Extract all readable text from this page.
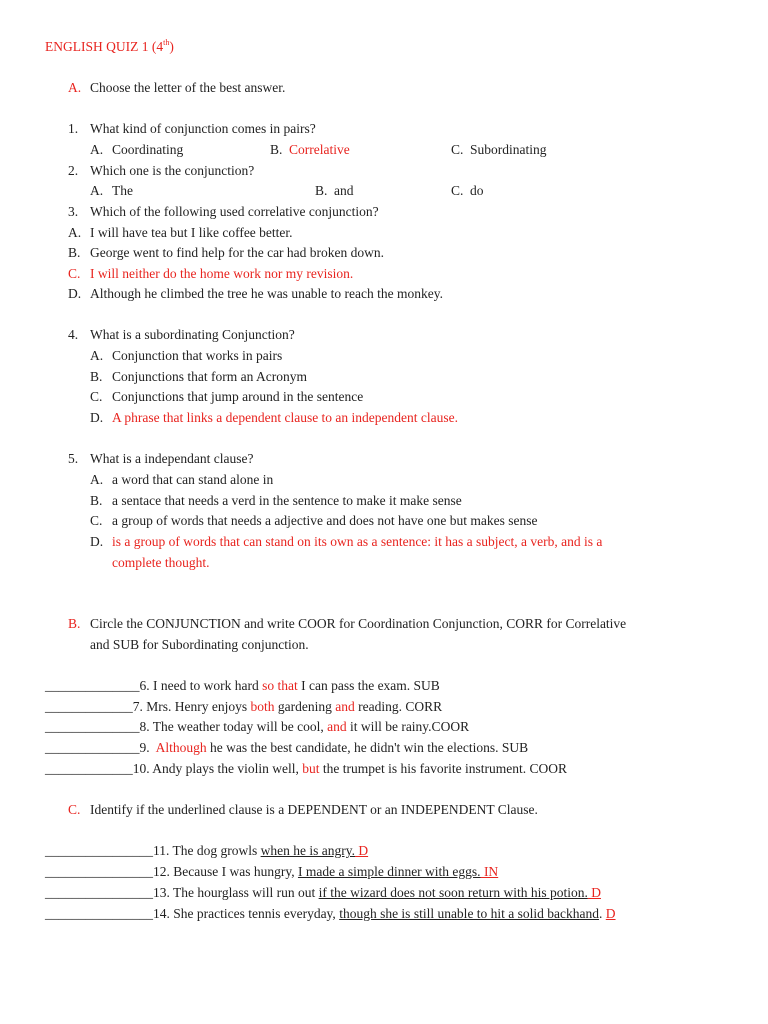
ENGLISH QUIZ 1 (4th)
A. Choose the letter of the best answer.
1. What kind of conjunction comes in pairs?
A. Coordinating	B. Correlative	C. Subordinating
2. Which one is the conjunction?
A. The	B. and	C. do
3. Which of the following used correlative conjunction?
A. I will have tea but I like coffee better.
B. George went to find help for the car had broken down.
C. I will neither do the home work nor my revision.
D. Although he climbed the tree he was unable to reach the monkey.
4. What is a subordinating Conjunction?
A. Conjunction that works in pairs
B. Conjunctions that form an Acronym
C. Conjunctions that jump around in the sentence
D. A phrase that links a dependent clause to an independent clause.
5. What is a independant clause?
A. a word that can stand alone in
B. a sentace that needs a verd in the sentence to make it make sense
C. a group of words that needs a adjective and does not have one but makes sense
D. is a group of words that can stand on its own as a sentence: it has a subject, a verb, and is a
complete thought.
B. Circle the CONJUNCTION and write COOR for Coordination Conjunction, CORR for Correlative
and SUB for Subordinating conjunction.
______________6. I need to work hard so that I can pass the exam. SUB
_____________7. Mrs. Henry enjoys both gardening and reading. CORR
______________8. The weather today will be cool, and it will be rainy.COOR
______________9.  Although he was the best candidate, he didn't win the elections. SUB
_____________10. Andy plays the violin well, but the trumpet is his favorite instrument. COOR
C. Identify if the underlined clause is a DEPENDENT or an INDEPENDENT Clause.
________________11. The dog growls when he is angry. D
________________12. Because I was hungry, I made a simple dinner with eggs. IN
________________13. The hourglass will run out if the wizard does not soon return with his potion. D
________________14. She practices tennis everyday, though she is still unable to hit a solid backhand. D
